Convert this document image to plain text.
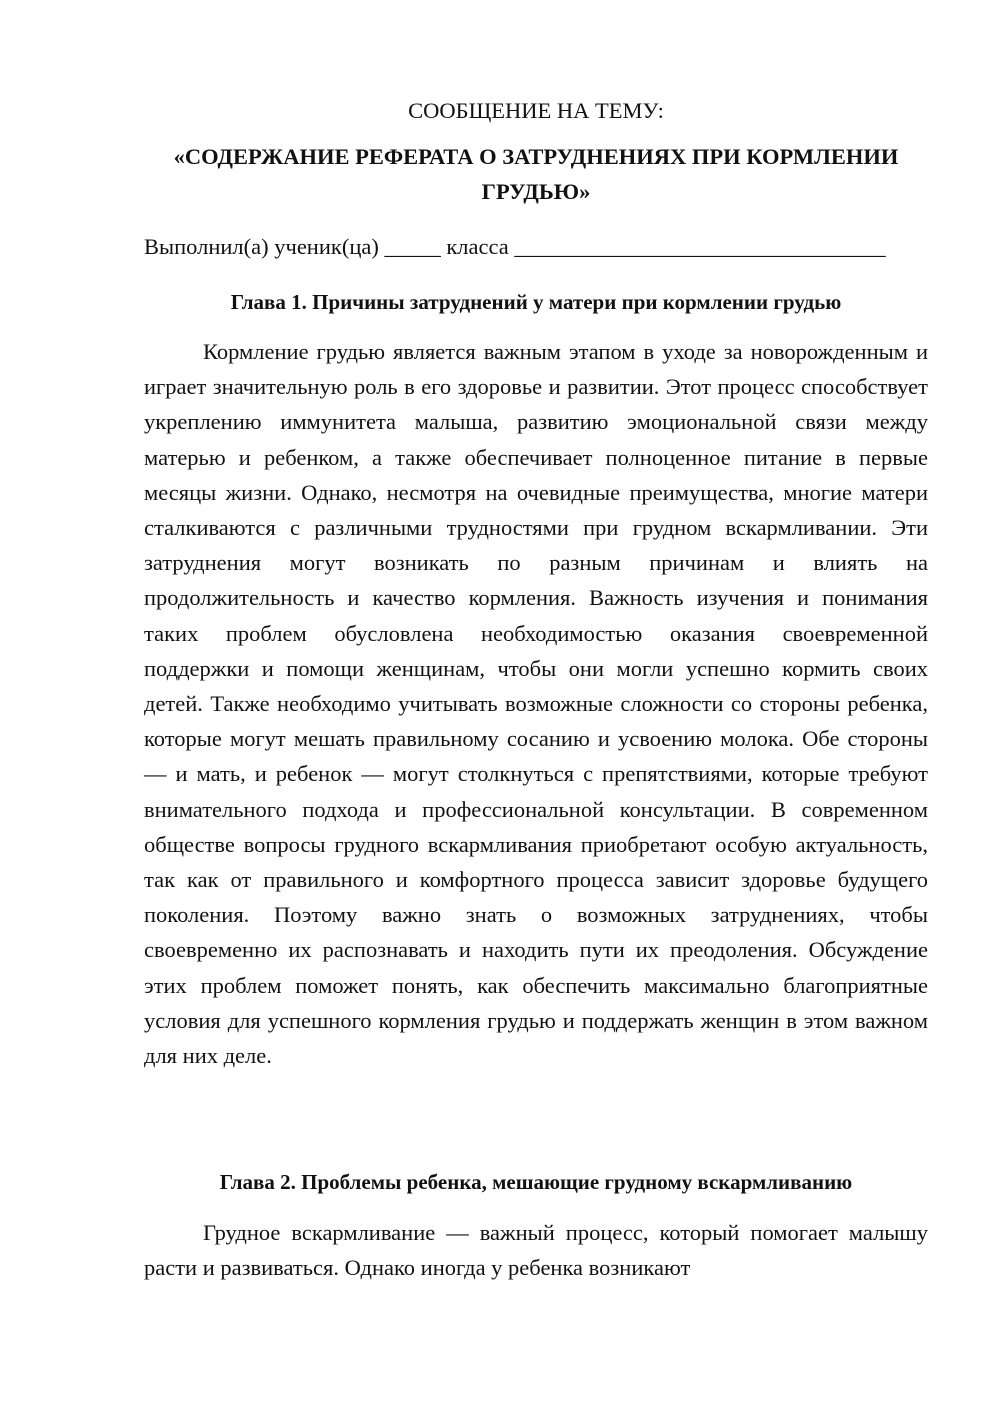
СООБЩЕНИЕ НА ТЕМУ:
«СОДЕРЖАНИЕ РЕФЕРАТА О ЗАТРУДНЕНИЯХ ПРИ КОРМЛЕНИИ ГРУДЬЮ»
Выполнил(а) ученик(ца) _____ класса _________________________________
Глава 1. Причины затруднений у матери при кормлении грудью
Кормление грудью является важным этапом в уходе за новорожденным и играет значительную роль в его здоровье и развитии. Этот процесс способствует укреплению иммунитета малыша, развитию эмоциональной связи между матерью и ребенком, а также обеспечивает полноценное питание в первые месяцы жизни. Однако, несмотря на очевидные преимущества, многие матери сталкиваются с различными трудностями при грудном вскармливании. Эти затруднения могут возникать по разным причинам и влиять на продолжительность и качество кормления. Важность изучения и понимания таких проблем обусловлена необходимостью оказания своевременной поддержки и помощи женщинам, чтобы они могли успешно кормить своих детей. Также необходимо учитывать возможные сложности со стороны ребенка, которые могут мешать правильному сосанию и усвоению молока. Обе стороны — и мать, и ребенок — могут столкнуться с препятствиями, которые требуют внимательного подхода и профессиональной консультации. В современном обществе вопросы грудного вскармливания приобретают особую актуальность, так как от правильного и комфортного процесса зависит здоровье будущего поколения. Поэтому важно знать о возможных затруднениях, чтобы своевременно их распознавать и находить пути их преодоления. Обсуждение этих проблем поможет понять, как обеспечить максимально благоприятные условия для успешного кормления грудью и поддержать женщин в этом важном для них деле.
Глава 2. Проблемы ребенка, мешающие грудному вскармливанию
Грудное вскармливание — важный процесс, который помогает малышу расти и развиваться. Однако иногда у ребенка возникают
